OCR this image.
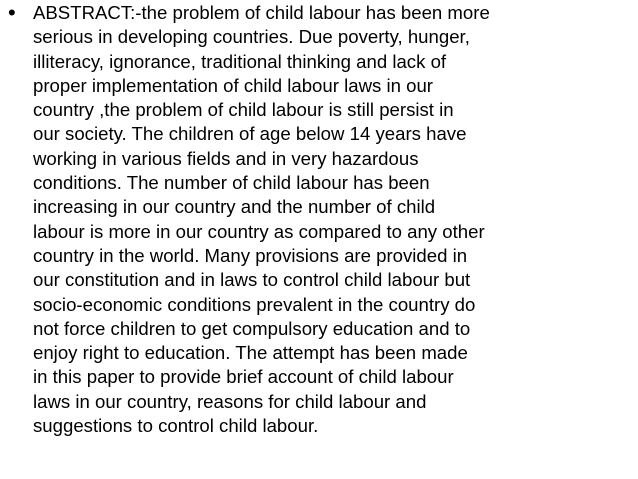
• ABSTRACT:-the problem of child labour has been more
serious in developing countries. Due poverty, hunger,
illiteracy, ignorance, traditional thinking and lack of
proper implementation of child labour laws in our
country ,the problem of child labour is still persist in
our society. The children of age below 14 years have
working in various fields and in very hazardous
conditions. The number of child labour has been
increasing in our country and the number of child
labour is more in our country as compared to any other
country in the world. Many provisions are provided in
our constitution and in laws to control child labour but
socio-economic conditions prevalent in the country do
not force children to get compulsory education and to
enjoy right to education. The attempt has been made
in this paper to provide brief account of child labour
laws in our country, reasons for child labour and
suggestions to control child labour.
